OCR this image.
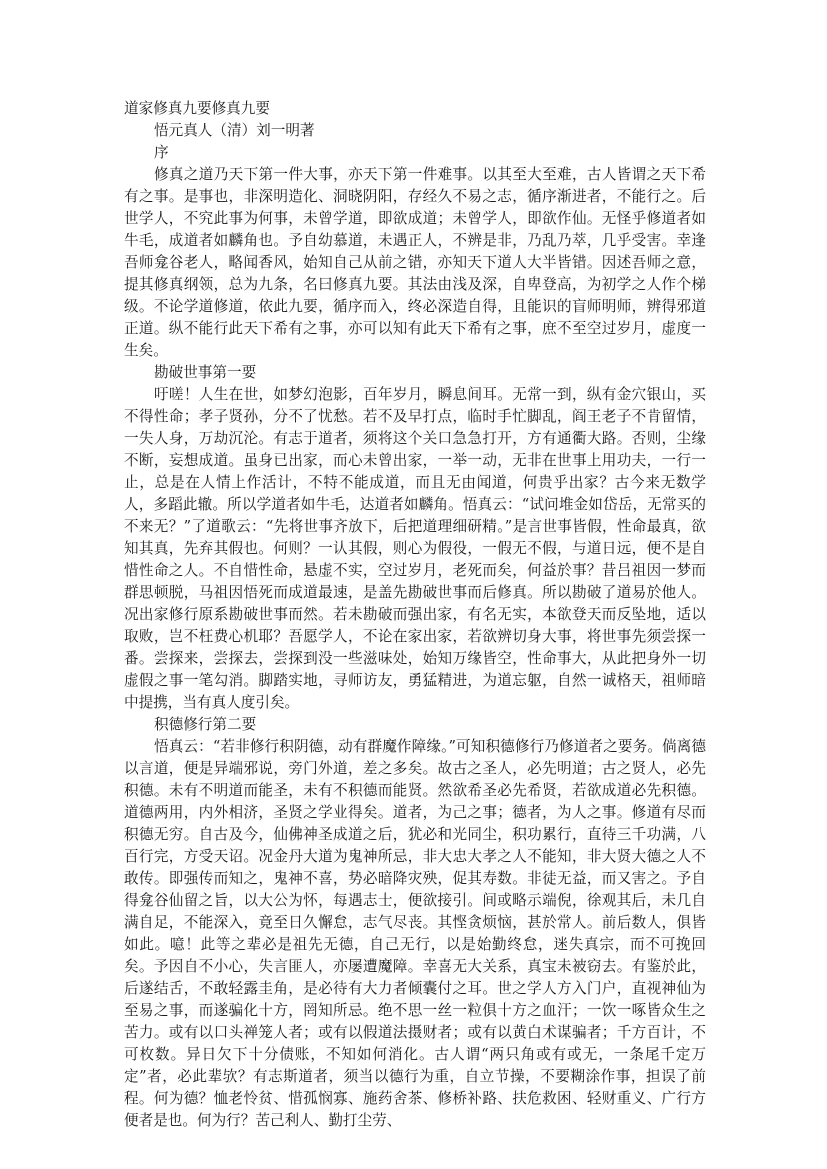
道家修真九要修真九要

悟元真人（清）刘一明著

序

修真之道乃天下第一件大事，亦天下第一件难事。以其至大至难，古人皆谓之天下希有之事。是事也，非深明造化、洞晓阴阳，存经久不易之志，循序渐进者，不能行之。后世学人，不究此事为何事，未曾学道，即欲成道；未曾学人，即欲作仙。无怪乎修道者如牛毛，成道者如麟角也。予自幼慕道，未遇正人，不辨是非，乃乱乃萃，几乎受害。幸逢吾师龛谷老人，略闻香风，始知自己从前之错，亦知天下道人大半皆错。因述吾师之意，提其修真纲领，总为九条，名曰修真九要。其法由浅及深，自卑登高，为初学之人作个梯级。不论学道修道，依此九要，循序而入，终必深造自得，且能识的盲师明师，辨得邪道正道。纵不能行此天下希有之事，亦可以知有此天下希有之事，庶不至空过岁月，虚度一生矣。

勘破世事第一要

吁嗟！人生在世，如梦幻泡影，百年岁月，瞬息间耳。无常一到，纵有金穴银山，买不得性命；孝子贤孙，分不了忧愁。若不及早打点，临时手忙脚乱，阎王老子不肯留情，一失人身，万劫沉沦。有志于道者，须将这个关口急急打开，方有通衢大路。否则，尘缘不断，妄想成道。虽身已出家，而心未曾出家，一举一动，无非在世事上用功夫，一行一止，总是在人情上作活计，不特不能成道，而且无由闻道，何贵乎出家？古今来无数学人，多蹈此辙。所以学道者如牛毛，达道者如麟角。悟真云：“试问堆金如岱岳，无常买的不来无？”了道歌云：“先将世事齐放下，后把道理细研精。”是言世事皆假，性命最真，欲知其真，先弃其假也。何则？一认其假，则心为假役，一假无不假，与道日远，便不是自惜性命之人。不自惜性命，悬虚不实，空过岁月，老死而矣，何益於事？昔吕祖因一梦而群思顿脱，马祖因悟死而成道最速，是盖先勘破世事而后修真。所以勘破了道易於他人。况出家修行原系勘破世事而然。若未勘破而强出家，有名无实，本欲登天而反坠地，适以取败，岂不枉费心机耶？吾愿学人，不论在家出家，若欲辨切身大事，将世事先须尝探一番。尝探来，尝探去，尝探到没一些滋味处，始知万缘皆空，性命事大，从此把身外一切虚假之事一笔勾消。脚踏实地，寻师访友，勇猛精进，为道忘躯，自然一诚格天，祖师暗中提携，当有真人度引矣。

积德修行第二要

悟真云：“若非修行积阴德，动有群魔作障缘。”可知积德修行乃修道者之要务。倘离德以言道，便是异端邪说，旁门外道，差之多矣。故古之圣人，必先明道；古之贤人，必先积德。未有不明道而能圣，未有不积德而能贤。然欲希圣必先希贤，若欲成道必先积德。道德两用，内外相济，圣贤之学业得矣。道者，为己之事；德者，为人之事。修道有尽而积德无穷。自古及今，仙佛神圣成道之后，犹必和光同尘，积功累行，直待三千功满，八百行完，方受天诏。况金丹大道为鬼神所忌，非大忠大孝之人不能知，非大贤大德之人不敢传。即强传而知之，鬼神不喜，势必暗降灾殃，促其寿数。非徒无益，而又害之。予自得龛谷仙留之旨，以大公为怀，每遇志士，便欲接引。间或略示端倪，徐观其后，未几自满自足，不能深入，竟至日久懈怠，志气尽丧。其悭贪烦恼，甚於常人。前后数人，俱皆如此。噫！此等之辈必是祖先无德，自己无行，以是始勤终怠，迷失真宗，而不可挽回矣。予因自不小心，失言匪人，亦屡遭魔障。幸喜无大关系，真宝未被窃去。有鉴於此，后遂结舌，不敢轻露圭角，是必待有大力者倾囊付之耳。世之学人方入门户，直视神仙为至易之事，而遂骗化十方，罔知所忌。绝不思一丝一粒俱十方之血汗；一饮一啄皆众生之苦力。或有以口头禅笼人者；或有以假道法摄财者；或有以黄白术谋骗者；千方百计，不可枚数。异日欠下十分债账，不知如何消化。古人谓“两只角或有或无，一条尾千定万定”者，必此辈欤？有志斯道者，须当以德行为重，自立节操，不要糊涂作事，担误了前程。何为德？恤老怜贫、惜孤悯寡、施药舍茶、修桥补路、扶危救困、轻财重义、广行方便者是也。何为行？苦己利人、勤打尘劳、
